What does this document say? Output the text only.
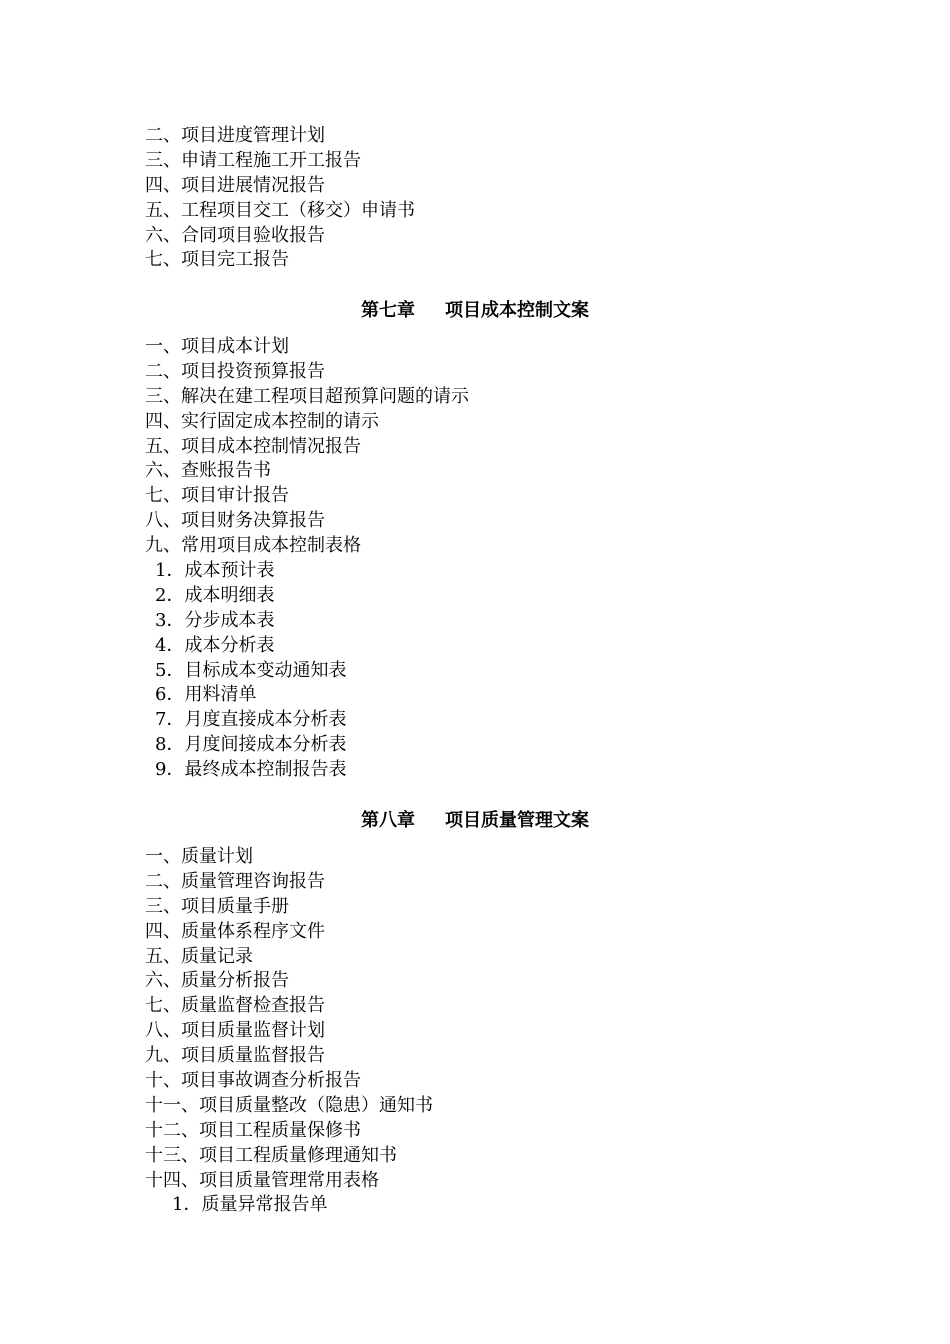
二、项目进度管理计划
三、申请工程施工开工报告
四、项目进展情况报告
五、工程项目交工（移交）申请书
六、合同项目验收报告
七、项目完工报告
第七章 项目成本控制文案
一、项目成本计划
二、项目投资预算报告
三、解决在建工程项目超预算问题的请示
四、实行固定成本控制的请示
五、项目成本控制情况报告
六、查账报告书
七、项目审计报告
八、项目财务决算报告
九、常用项目成本控制表格
1．成本预计表
2．成本明细表
3．分步成本表
4．成本分析表
5．目标成本变动通知表
6．用料清单
7．月度直接成本分析表
8．月度间接成本分析表
9．最终成本控制报告表
第八章 项目质量管理文案
一、质量计划
二、质量管理咨询报告
三、项目质量手册
四、质量体系程序文件
五、质量记录
六、质量分析报告
七、质量监督检查报告
八、项目质量监督计划
九、项目质量监督报告
十、项目事故调查分析报告
十一、项目质量整改（隐患）通知书
十二、项目工程质量保修书
十三、项目工程质量修理通知书
十四、项目质量管理常用表格
1．质量异常报告单
